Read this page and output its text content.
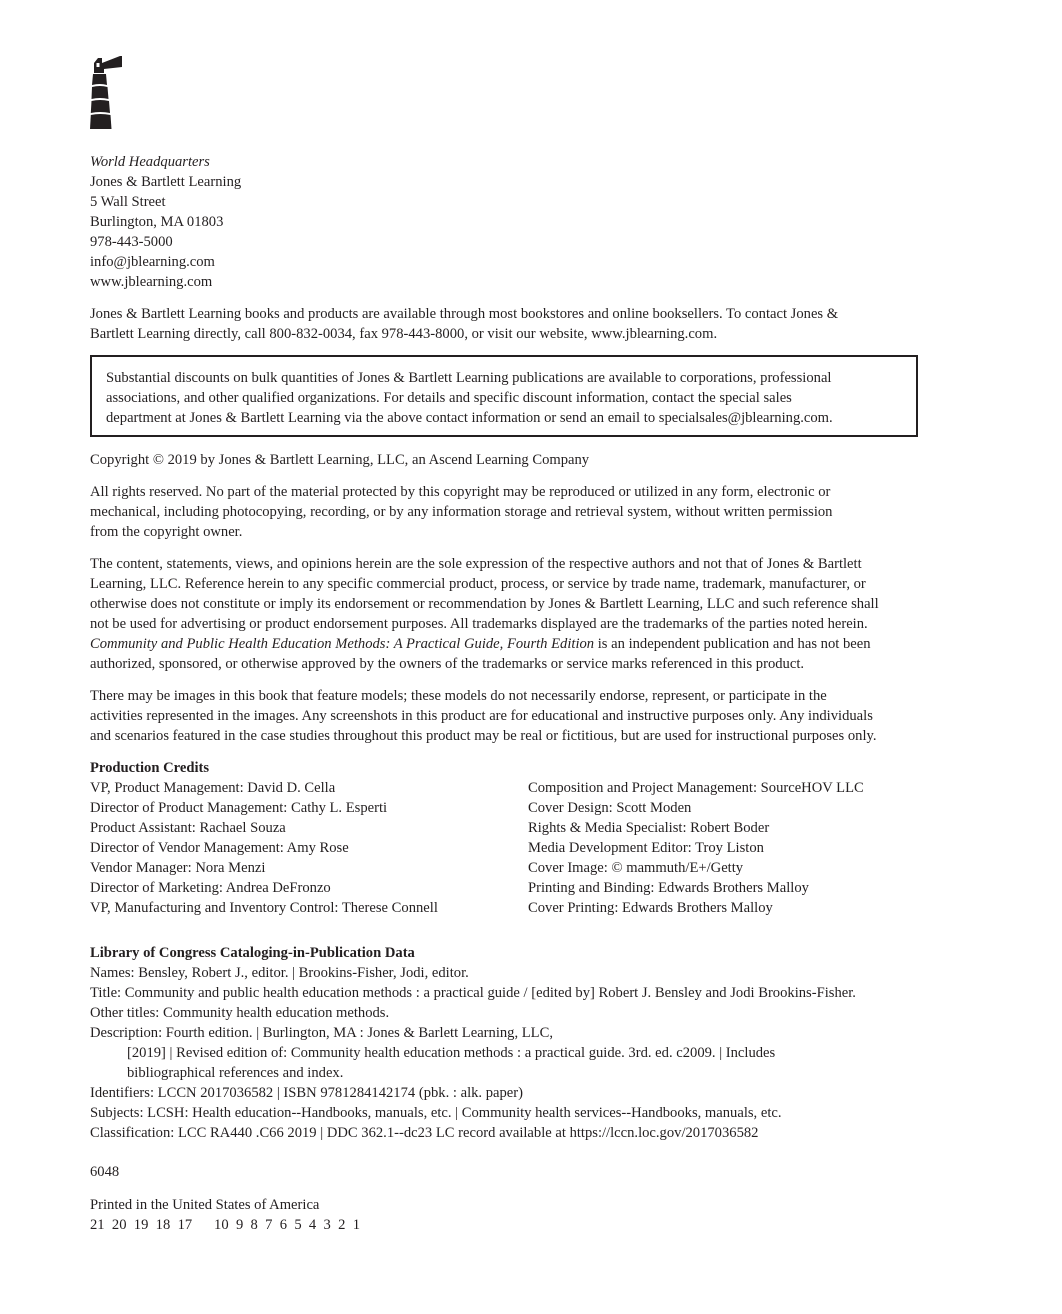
World Headquarters
Jones & Bartlett Learning
5 Wall Street
Burlington, MA 01803
978-443-5000
info@jblearning.com
www.jblearning.com
Jones & Bartlett Learning books and products are available through most bookstores and online booksellers. To contact Jones &
Bartlett Learning directly, call 800-832-0034, fax 978-443-8000, or visit our website, www.jblearning.com.
Substantial discounts on bulk quantities of Jones & Bartlett Learning publications are available to corporations, professional
associations, and other qualified organizations. For details and specific discount information, contact the special sales
department at Jones & Bartlett Learning via the above contact information or send an email to specialsales@jblearning.com.
Copyright © 2019 by Jones & Bartlett Learning, LLC, an Ascend Learning Company
All rights reserved. No part of the material protected by this copyright may be reproduced or utilized in any form, electronic or
mechanical, including photocopying, recording, or by any information storage and retrieval system, without written permission
from the copyright owner.
The content, statements, views, and opinions herein are the sole expression of the respective authors and not that of Jones & Bartlett
Learning, LLC. Reference herein to any specific commercial product, process, or service by trade name, trademark, manufacturer, or
otherwise does not constitute or imply its endorsement or recommendation by Jones & Bartlett Learning, LLC and such reference shall
not be used for advertising or product endorsement purposes. All trademarks displayed are the trademarks of the parties noted herein.
Community and Public Health Education Methods: A Practical Guide, Fourth Edition is an independent publication and has not been
authorized, sponsored, or otherwise approved by the owners of the trademarks or service marks referenced in this product.
There may be images in this book that feature models; these models do not necessarily endorse, represent, or participate in the
activities represented in the images. Any screenshots in this product are for educational and instructive purposes only. Any individuals
and scenarios featured in the case studies throughout this product may be real or fictitious, but are used for instructional purposes only.
Production Credits
VP, Product Management: David D. Cella
Director of Product Management: Cathy L. Esperti
Product Assistant: Rachael Souza
Director of Vendor Management: Amy Rose
Vendor Manager: Nora Menzi
Director of Marketing: Andrea DeFronzo
VP, Manufacturing and Inventory Control: Therese Connell
Composition and Project Management: SourceHOV LLC
Cover Design: Scott Moden
Rights & Media Specialist: Robert Boder
Media Development Editor: Troy Liston
Cover Image: © mammuth/E+/Getty
Printing and Binding: Edwards Brothers Malloy
Cover Printing: Edwards Brothers Malloy
Library of Congress Cataloging-in-Publication Data
Names: Bensley, Robert J., editor. | Brookins-Fisher, Jodi, editor.
Title: Community and public health education methods : a practical guide / [edited by] Robert J. Bensley and Jodi Brookins-Fisher.
Other titles: Community health education methods.
Description: Fourth edition. | Burlington, MA : Jones & Barlett Learning, LLC,
[2019] | Revised edition of: Community health education methods : a practical guide. 3rd. ed. c2009. | Includes
bibliographical references and index.
Identifiers: LCCN 2017036582 | ISBN 9781284142174 (pbk. : alk. paper)
Subjects: LCSH: Health education--Handbooks, manuals, etc. | Community health services--Handbooks, manuals, etc.
Classification: LCC RA440 .C66 2019 | DDC 362.1--dc23 LC record available at https://lccn.loc.gov/2017036582
6048
Printed in the United States of America
21  20  19  18  17      10  9  8  7  6  5  4  3  2  1
